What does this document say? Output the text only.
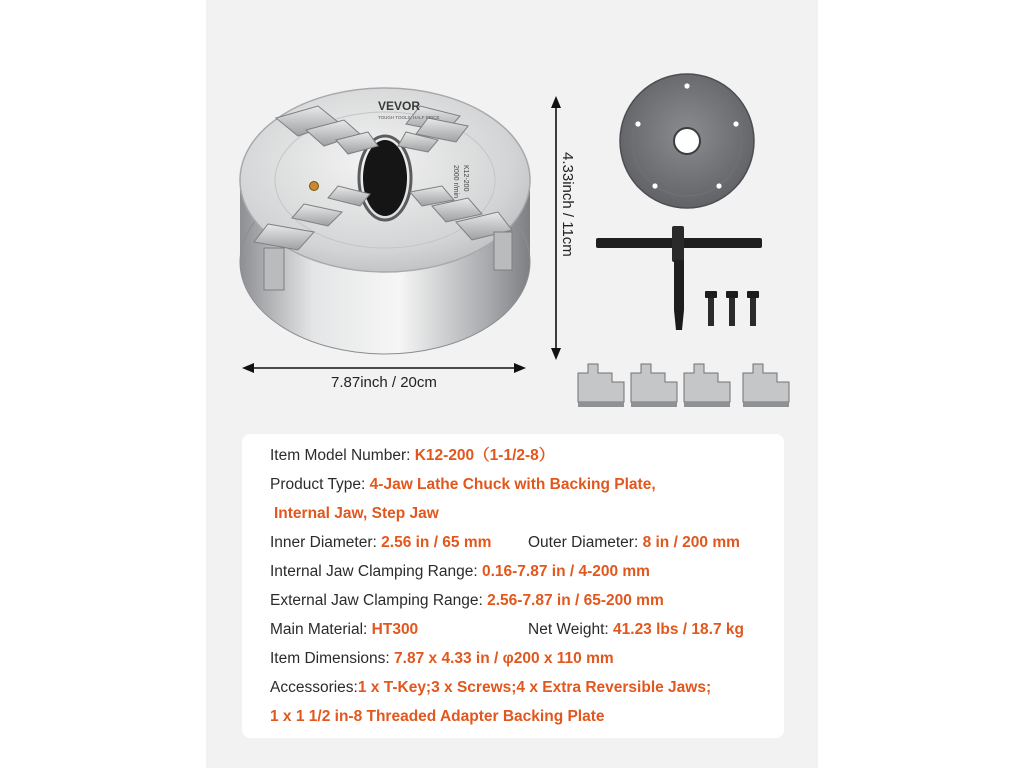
VEVOR
TOUGH TOOLS, HALF PRICE
K12-200
2000 r/min	4.33inch / 11cm
7.87inch / 20cm
Item Model Number: K12-200（1-1/2-8）
Product Type: 4-Jaw Lathe Chuck with Backing Plate,
Internal Jaw, Step Jaw
Inner Diameter: 2.56 in / 65 mm Outer Diameter: 8 in / 200 mm
Internal Jaw Clamping Range: 0.16-7.87 in / 4-200 mm
External Jaw Clamping Range: 2.56-7.87 in / 65-200 mm
Main Material: HT300	Net Weight: 41.23 lbs / 18.7 kg
Item Dimensions: 7.87 x 4.33 in / φ200 x 110 mm
Accessories:1 x T-Key;3 x Screws;4 x Extra Reversible Jaws;
1 x 1 1/2 in-8 Threaded Adapter Backing Plate
